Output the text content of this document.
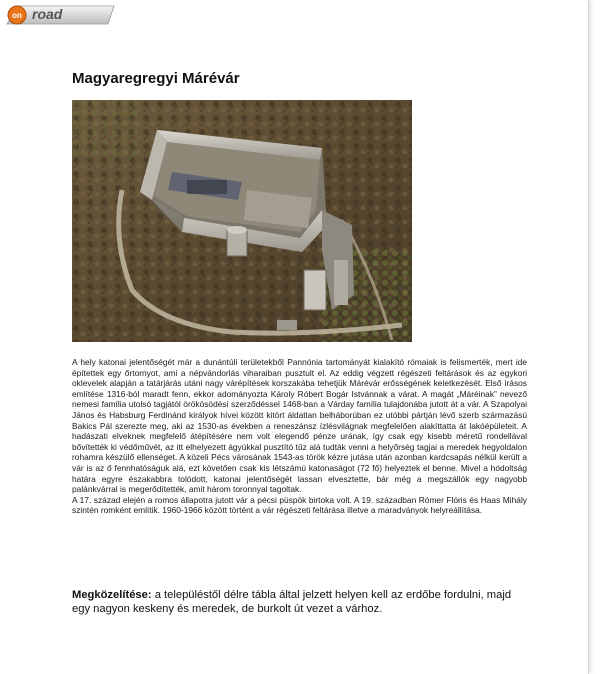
on road
Magyaregregyi Márévár

A hely katonai jelentőségét már a dunántúli területekből Pannónia tartományát kialakító rómaiak is felismerték, mert ide építettek egy őrtornyot, ami a népvándorlás viharaiban pusztult el. Az eddig végzett régészeti feltárások és az egykori oklevelek alapján a tatárjárás utáni nagy várépítések korszakába tehetjük Márévár erősségének keletkezését. Első írásos említése 1316-ból maradt fenn, ekkor adományozta Károly Róbert Bogár Istvánnak a várat. A magát „Máréinak” nevező nemesi família utolsó tagjától örökösödési szerződéssel 1468-ban a Várday família tulajdonába jutott át a vár. A Szapolyai János és Habsburg Ferdinánd királyok hívei között kitört áldatlan belháborúban ez utóbbi pártján lévő szerb származású Bakics Pál szerezte meg, aki az 1530-as években a reneszánsz ízlésvilágnak megfelelően alakíttatta át lakóépületeit. A hadászati elveknek megfelelő átépítésére nem volt elegendő pénze urának, így csak egy kisebb méretű rondellával bővítették ki védőművét, az itt elhelyezett ágyúkkal pusztító tűz alá tudták venni a helyőrség tagjai a meredek hegyoldalon rohamra készülő ellenséget. A közeli Pécs városának 1543-as török kézre jutása után azonban kardcsapás nélkül került a vár is az ő fennhatóságuk alá, ezt követően csak kis létszámú katonaságot (72 fő) helyeztek el benne. Mivel a hódoltság határa egyre északabbra tolódott, katonai jelentőségét lassan elvesztette, bár még a megszállók egy nagyobb palánkvárral is megerődítették, amit három toronnyal tagoltak.

A 17. század elején a romos állapotra jutott vár a pécsi püspök birtoka volt. A 19. században Rómer Flóris és Haas Mihály szintén romként említik. 1960-1966 között történt a vár régészeti feltárása illetve a maradványok helyreállítása.

Megközelítése: a településtől délre tábla által jelzett helyen kell az erdőbe fordulni, majd egy nagyon keskeny és meredek, de burkolt út vezet a várhoz.
